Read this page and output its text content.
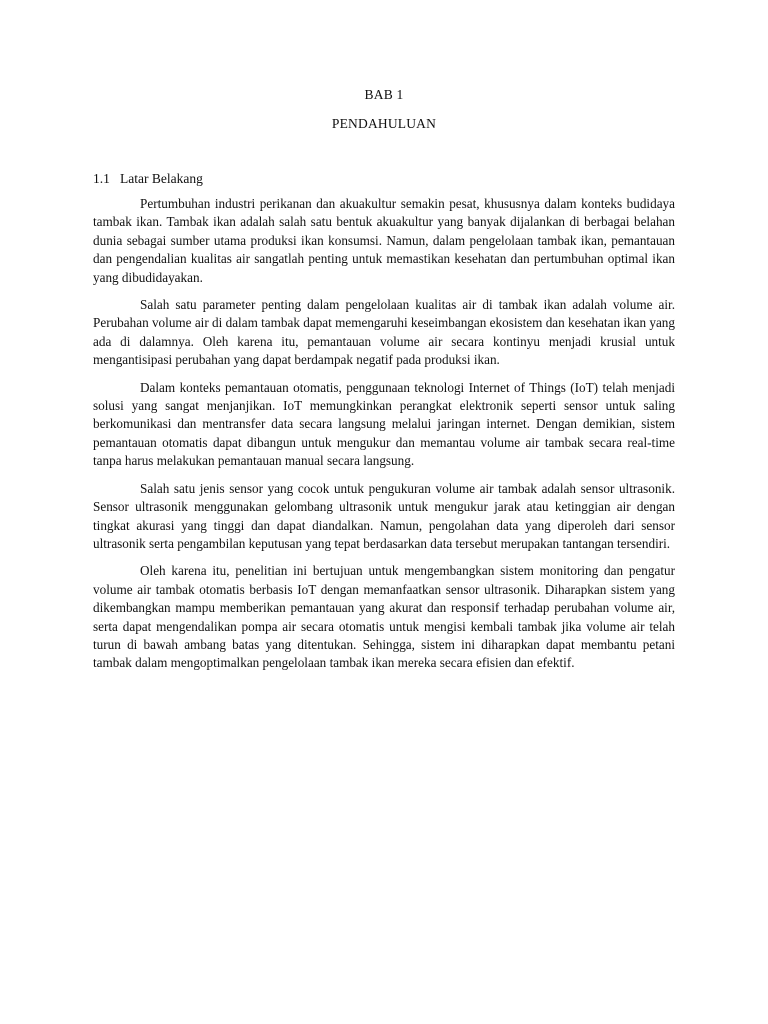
BAB 1
PENDAHULUAN
1.1 Latar Belakang

Pertumbuhan industri perikanan dan akuakultur semakin pesat, khususnya dalam konteks budidaya tambak ikan. Tambak ikan adalah salah satu bentuk akuakultur yang banyak dijalankan di berbagai belahan dunia sebagai sumber utama produksi ikan konsumsi. Namun, dalam pengelolaan tambak ikan, pemantauan dan pengendalian kualitas air sangatlah penting untuk memastikan kesehatan dan pertumbuhan optimal ikan yang dibudidayakan.

Salah satu parameter penting dalam pengelolaan kualitas air di tambak ikan adalah volume air. Perubahan volume air di dalam tambak dapat memengaruhi keseimbangan ekosistem dan kesehatan ikan yang ada di dalamnya. Oleh karena itu, pemantauan volume air secara kontinyu menjadi krusial untuk mengantisipasi perubahan yang dapat berdampak negatif pada produksi ikan.

Dalam konteks pemantauan otomatis, penggunaan teknologi Internet of Things (IoT) telah menjadi solusi yang sangat menjanjikan. IoT memungkinkan perangkat elektronik seperti sensor untuk saling berkomunikasi dan mentransfer data secara langsung melalui jaringan internet. Dengan demikian, sistem pemantauan otomatis dapat dibangun untuk mengukur dan memantau volume air tambak secara real-time tanpa harus melakukan pemantauan manual secara langsung.

Salah satu jenis sensor yang cocok untuk pengukuran volume air tambak adalah sensor ultrasonik. Sensor ultrasonik menggunakan gelombang ultrasonik untuk mengukur jarak atau ketinggian air dengan tingkat akurasi yang tinggi dan dapat diandalkan. Namun, pengolahan data yang diperoleh dari sensor ultrasonik serta pengambilan keputusan yang tepat berdasarkan data tersebut merupakan tantangan tersendiri.

Oleh karena itu, penelitian ini bertujuan untuk mengembangkan sistem monitoring dan pengatur volume air tambak otomatis berbasis IoT dengan memanfaatkan sensor ultrasonik. Diharapkan sistem yang dikembangkan mampu memberikan pemantauan yang akurat dan responsif terhadap perubahan volume air, serta dapat mengendalikan pompa air secara otomatis untuk mengisi kembali tambak jika volume air telah turun di bawah ambang batas yang ditentukan. Sehingga, sistem ini diharapkan dapat membantu petani tambak dalam mengoptimalkan pengelolaan tambak ikan mereka secara efisien dan efektif.
